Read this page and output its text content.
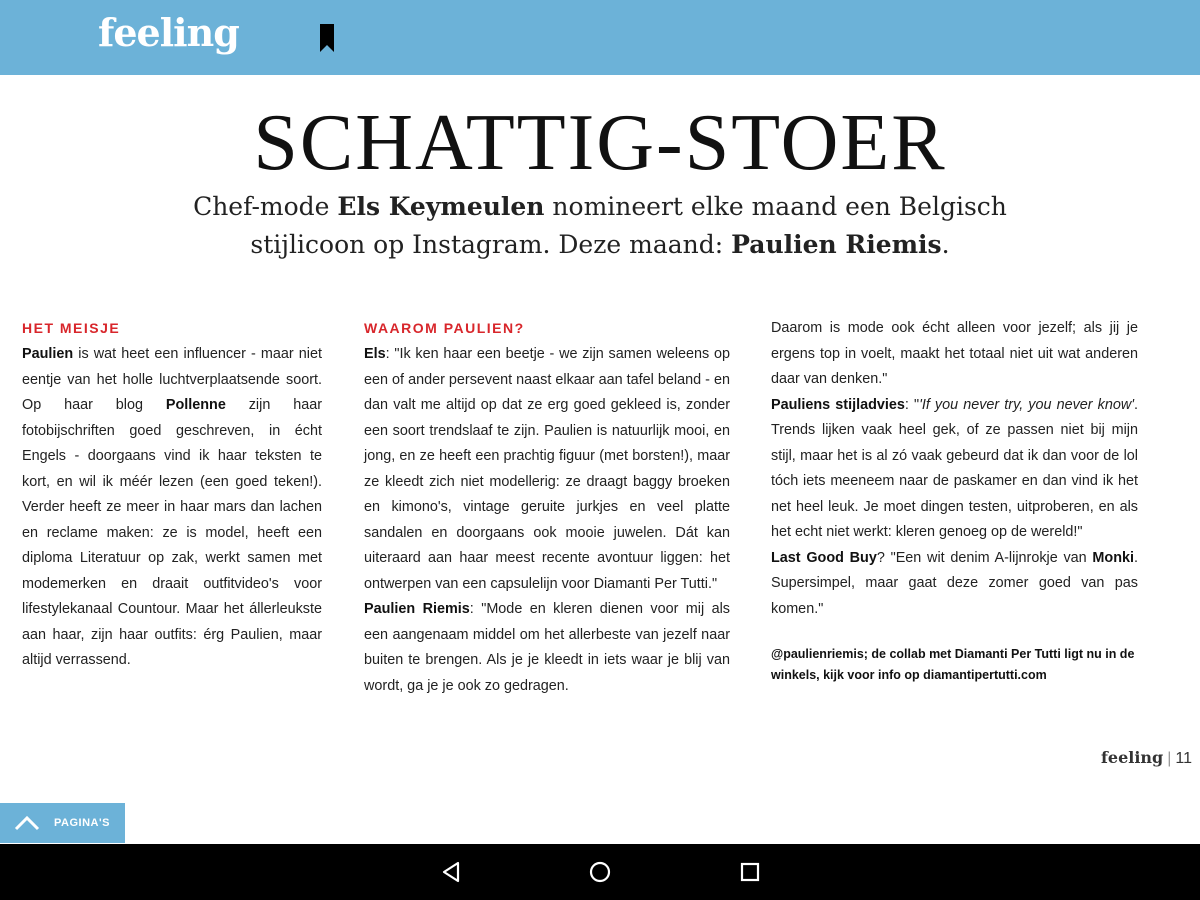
feeling
SCHATTIG-STOER
Chef-mode Els Keymeulen nomineert elke maand een Belgisch
stijlicoon op Instagram. Deze maand: Paulien Riemis.
HET MEISJE

Paulien is wat heet een influencer - maar niet eentje van het holle luchtverplaatsende soort. Op haar blog Pollenne zijn haar fotobijschriften goed geschreven, in écht Engels - doorgaans vind ik haar teksten te kort, en wil ik méér lezen (een goed teken!). Verder heeft ze meer in haar mars dan lachen en reclame maken: ze is model, heeft een diploma Literatuur op zak, werkt samen met modemerken en draait outfitvideo's voor lifestylekanaal Countour. Maar het állerleukste aan haar, zijn haar outfits: érg Paulien, maar altijd verrassend.

WAAROM PAULIEN?

Els: "Ik ken haar een beetje - we zijn samen weleens op een of ander persevent naast elkaar aan tafel beland - en dan valt me altijd op dat ze erg goed gekleed is, zonder een soort trendslaaf te zijn. Paulien is natuurlijk mooi, en jong, en ze heeft een prachtig figuur (met borsten!), maar ze kleedt zich niet modellerig: ze draagt baggy broeken en kimono's, vintage geruite jurkjes en veel platte sandalen en doorgaans ook mooie juwelen. Dát kan uiteraard aan haar meest recente avontuur liggen: het ontwerpen van een capsulelijn voor Diamanti Per Tutti."

Paulien Riemis: "Mode en kleren dienen voor mij als een aangenaam middel om het allerbeste van jezelf naar buiten te brengen. Als je je kleedt in iets waar je blij van wordt, ga je je ook zo gedragen.

Daarom is mode ook écht alleen voor jezelf; als jij je ergens top in voelt, maakt het totaal niet uit wat anderen daar van denken."

Pauliens stijladvies: "'If you never try, you never know'. Trends lijken vaak heel gek, of ze passen niet bij mijn stijl, maar het is al zó vaak gebeurd dat ik dan voor de lol tóch iets meeneem naar de paskamer en dan vind ik het net heel leuk. Je moet dingen testen, uitproberen, en als het echt niet werkt: kleren genoeg op de wereld!"

Last Good Buy? "Een wit denim A-lijnrokje van Monki. Supersimpel, maar gaat deze zomer goed van pas komen."

@paulienriemis; de collab met Diamanti Per Tutti ligt nu in de winkels, kijk voor info op diamantipertutti.com

feeling | 11
PAGINA'S
